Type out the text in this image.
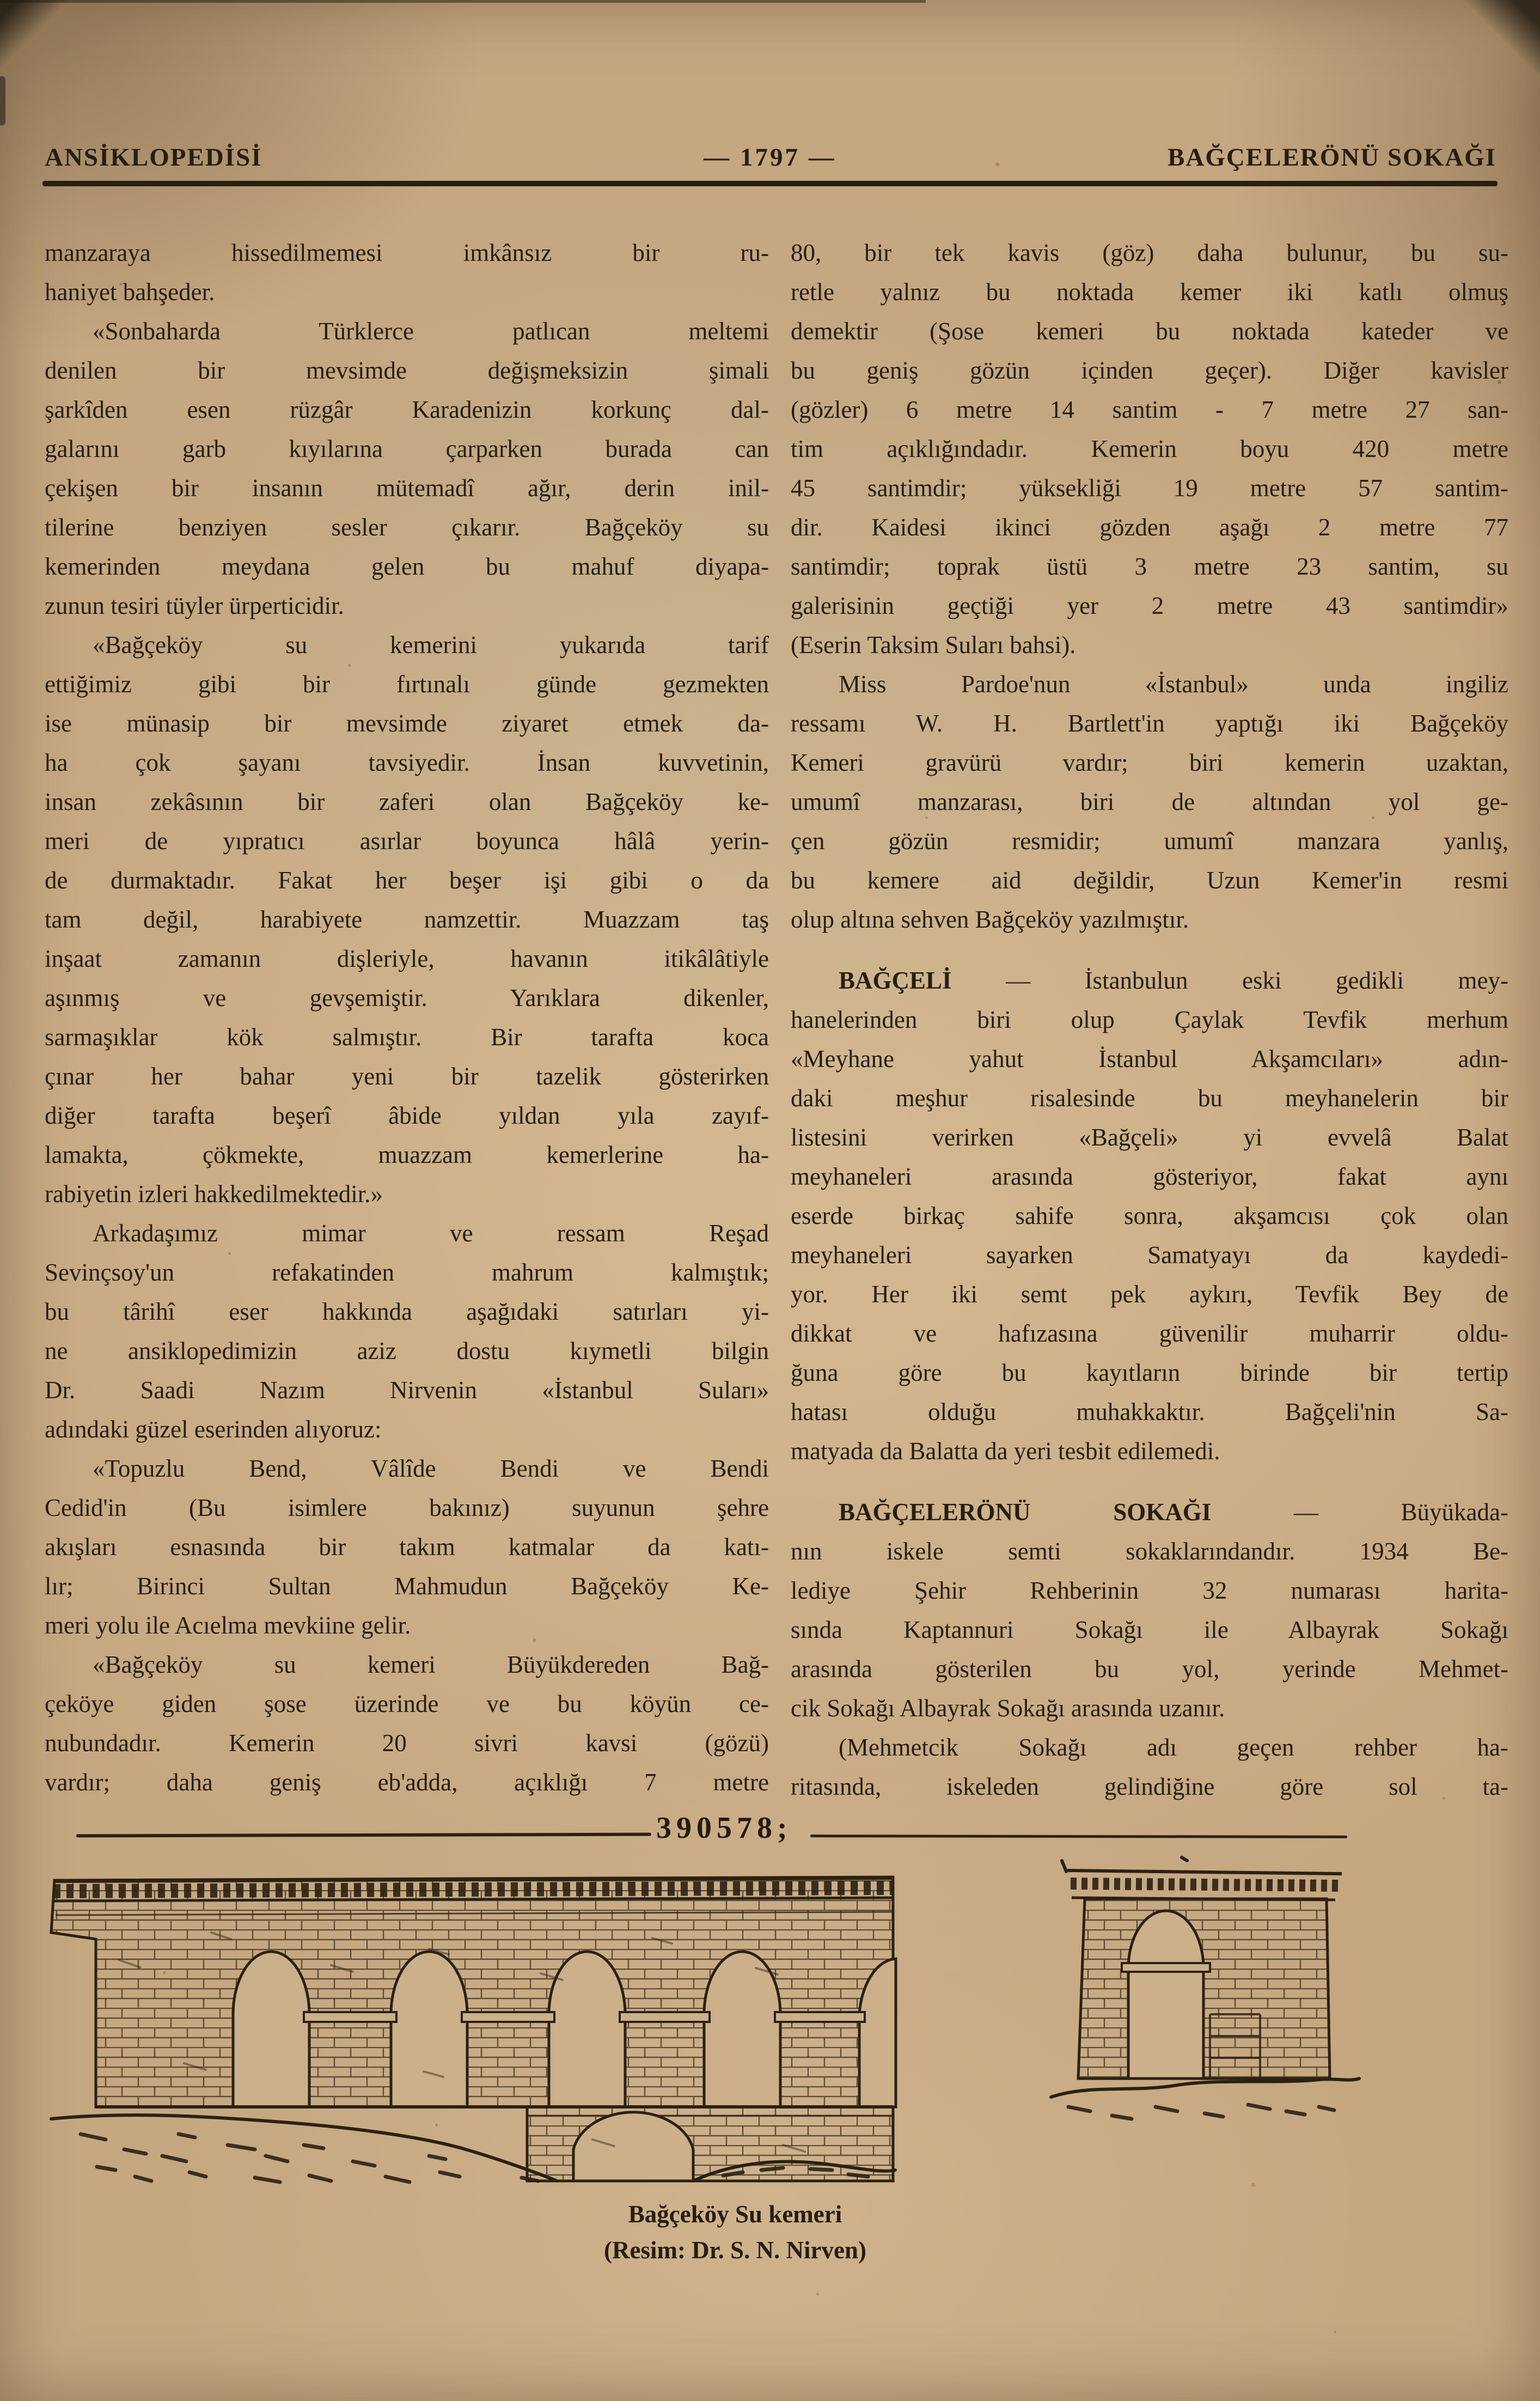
ANSİKLOPEDİSİ	— 1797 —	BAĞÇELERÖNÜ SOKAĞI
manzaraya hissedilmemesi imkânsız bir ru-
haniyet bahşeder.
«Sonbaharda Türklerce patlıcan meltemi
denilen bir mevsimde değişmeksizin şimali
şarkîden esen rüzgâr Karadenizin korkunç dal-
galarını garb kıyılarına çarparken burada can
çekişen bir insanın mütemadî ağır, derin inil-
tilerine benziyen sesler çıkarır. Bağçeköy su
kemerinden meydana gelen bu mahuf diyapa-
zunun tesiri tüyler ürperticidir.
«Bağçeköy su kemerini yukarıda tarif
ettiğimiz gibi bir fırtınalı günde gezmekten
ise münasip bir mevsimde ziyaret etmek da-
ha çok şayanı tavsiyedir. İnsan kuvvetinin,
insan zekâsının bir zaferi olan Bağçeköy ke-
meri de yıpratıcı asırlar boyunca hâlâ yerin-
de durmaktadır. Fakat her beşer işi gibi o da
tam değil, harabiyete namzettir. Muazzam taş
inşaat zamanın dişleriyle, havanın itikâlâtiyle
aşınmış ve gevşemiştir. Yarıklara dikenler,
sarmaşıklar kök salmıştır. Bir tarafta koca
çınar her bahar yeni bir tazelik gösterirken
diğer tarafta beşerî âbide yıldan yıla zayıf-
lamakta, çökmekte, muazzam kemerlerine ha-
rabiyetin izleri hakkedilmektedir.»
Arkadaşımız mimar ve ressam Reşad
Sevinçsoy'un refakatinden mahrum kalmıştık;
bu târihî eser hakkında aşağıdaki satırları yi-
ne ansiklopedimizin aziz dostu kıymetli bilgin
Dr. Saadi Nazım Nirvenin «İstanbul Suları»
adındaki güzel eserinden alıyoruz:
«Topuzlu Bend, Vâlîde Bendi ve Bendi
Cedid'in (Bu isimlere bakınız) suyunun şehre
akışları esnasında bir takım katmalar da katı-
lır; Birinci Sultan Mahmudun Bağçeköy Ke-
meri yolu ile Acıelma mevkiine gelir.
«Bağçeköy su kemeri Büyükdereden Bağ-
çeköye giden şose üzerinde ve bu köyün ce-
nubundadır. Kemerin 20 sivri kavsi (gözü)
vardır; daha geniş eb'adda, açıklığı 7 metre
80, bir tek kavis (göz) daha bulunur, bu su-
retle yalnız bu noktada kemer iki katlı olmuş
demektir (Şose kemeri bu noktada kateder ve
bu geniş gözün içinden geçer). Diğer kavisler
(gözler) 6 metre 14 santim - 7 metre 27 san-
tim açıklığındadır. Kemerin boyu 420 metre
45 santimdir; yüksekliği 19 metre 57 santim-
dir. Kaidesi ikinci gözden aşağı 2 metre 77
santimdir; toprak üstü 3 metre 23 santim, su
galerisinin geçtiği yer 2 metre 43 santimdir»
(Eserin Taksim Suları bahsi).
Miss Pardoe'nun «İstanbul» unda ingiliz
ressamı W. H. Bartlett'in yaptığı iki Bağçeköy
Kemeri gravürü vardır; biri kemerin uzaktan,
umumî manzarası, biri de altından yol ge-
çen gözün resmidir; umumî manzara yanlış,
bu kemere aid değildir, Uzun Kemer'in resmi
olup altına sehven Bağçeköy yazılmıştır.
BAĞÇELİ — İstanbulun eski gedikli mey-
hanelerinden biri olup Çaylak Tevfik merhum
«Meyhane yahut İstanbul Akşamcıları» adın-
daki meşhur risalesinde bu meyhanelerin bir
listesini verirken «Bağçeli» yi evvelâ Balat
meyhaneleri arasında gösteriyor, fakat aynı
eserde birkaç sahife sonra, akşamcısı çok olan
meyhaneleri sayarken Samatyayı da kaydedi-
yor. Her iki semt pek aykırı, Tevfik Bey de
dikkat ve hafızasına güvenilir muharrir oldu-
ğuna göre bu kayıtların birinde bir tertip
hatası olduğu muhakkaktır. Bağçeli'nin Sa-
matyada da Balatta da yeri tesbit edilemedi.
BAĞÇELERÖNÜ SOKAĞI — Büyükada-
nın iskele semti sokaklarındandır. 1934 Be-
lediye Şehir Rehberinin 32 numarası harita-
sında Kaptannuri Sokağı ile Albayrak Sokağı
arasında gösterilen bu yol, yerinde Mehmet-
cik Sokağı Albayrak Sokağı arasında uzanır.
(Mehmetcik Sokağı adı geçen rehber ha-
ritasında, iskeleden gelindiğine göre sol ta-
390578;
Bağçeköy Su kemeri
(Resim: Dr. S. N. Nirven)
